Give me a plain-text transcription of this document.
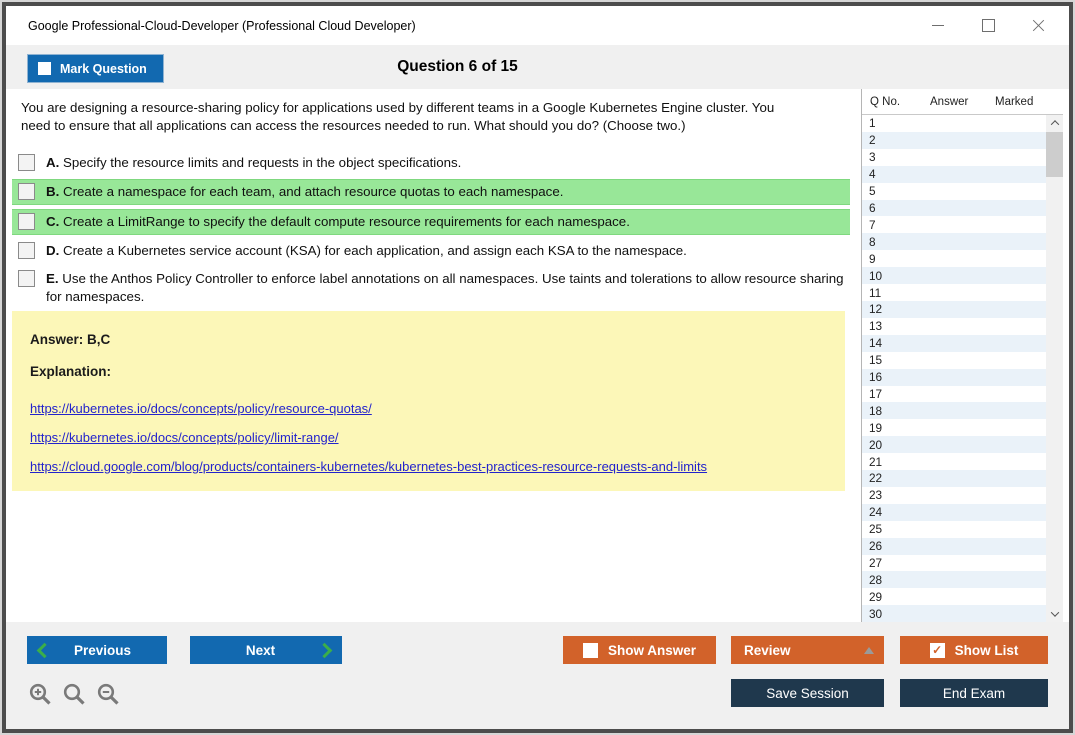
Google Professional-Cloud-Developer (Professional Cloud Developer)
Mark Question	Question 6 of 15
You are designing a resource-sharing policy for applications used by different teams in a Google Kubernetes Engine cluster. You need to ensure that all applications can access the resources needed to run. What should you do? (Choose two.)
A. Specify the resource limits and requests in the object specifications.
B. Create a namespace for each team, and attach resource quotas to each namespace.
C. Create a LimitRange to specify the default compute resource requirements for each namespace.
D. Create a Kubernetes service account (KSA) for each application, and assign each KSA to the namespace.
E. Use the Anthos Policy Controller to enforce label annotations on all namespaces. Use taints and tolerations to allow resource sharing for namespaces.
Answer: B,C
Explanation:
https://kubernetes.io/docs/concepts/policy/resource-quotas/
https://kubernetes.io/docs/concepts/policy/limit-range/
https://cloud.google.com/blog/products/containers-kubernetes/kubernetes-best-practices-resource-requests-and-limits
Q No.	Answer Marked
1
2
3
4
5
6
7
8
9
10
11
12
13
14
15
16
17
18
19
20
21
22
23
24
25
26
27
28
29
30
Previous	Next	Show Answer	Review ✓	Show List
Save Session	End Exam
